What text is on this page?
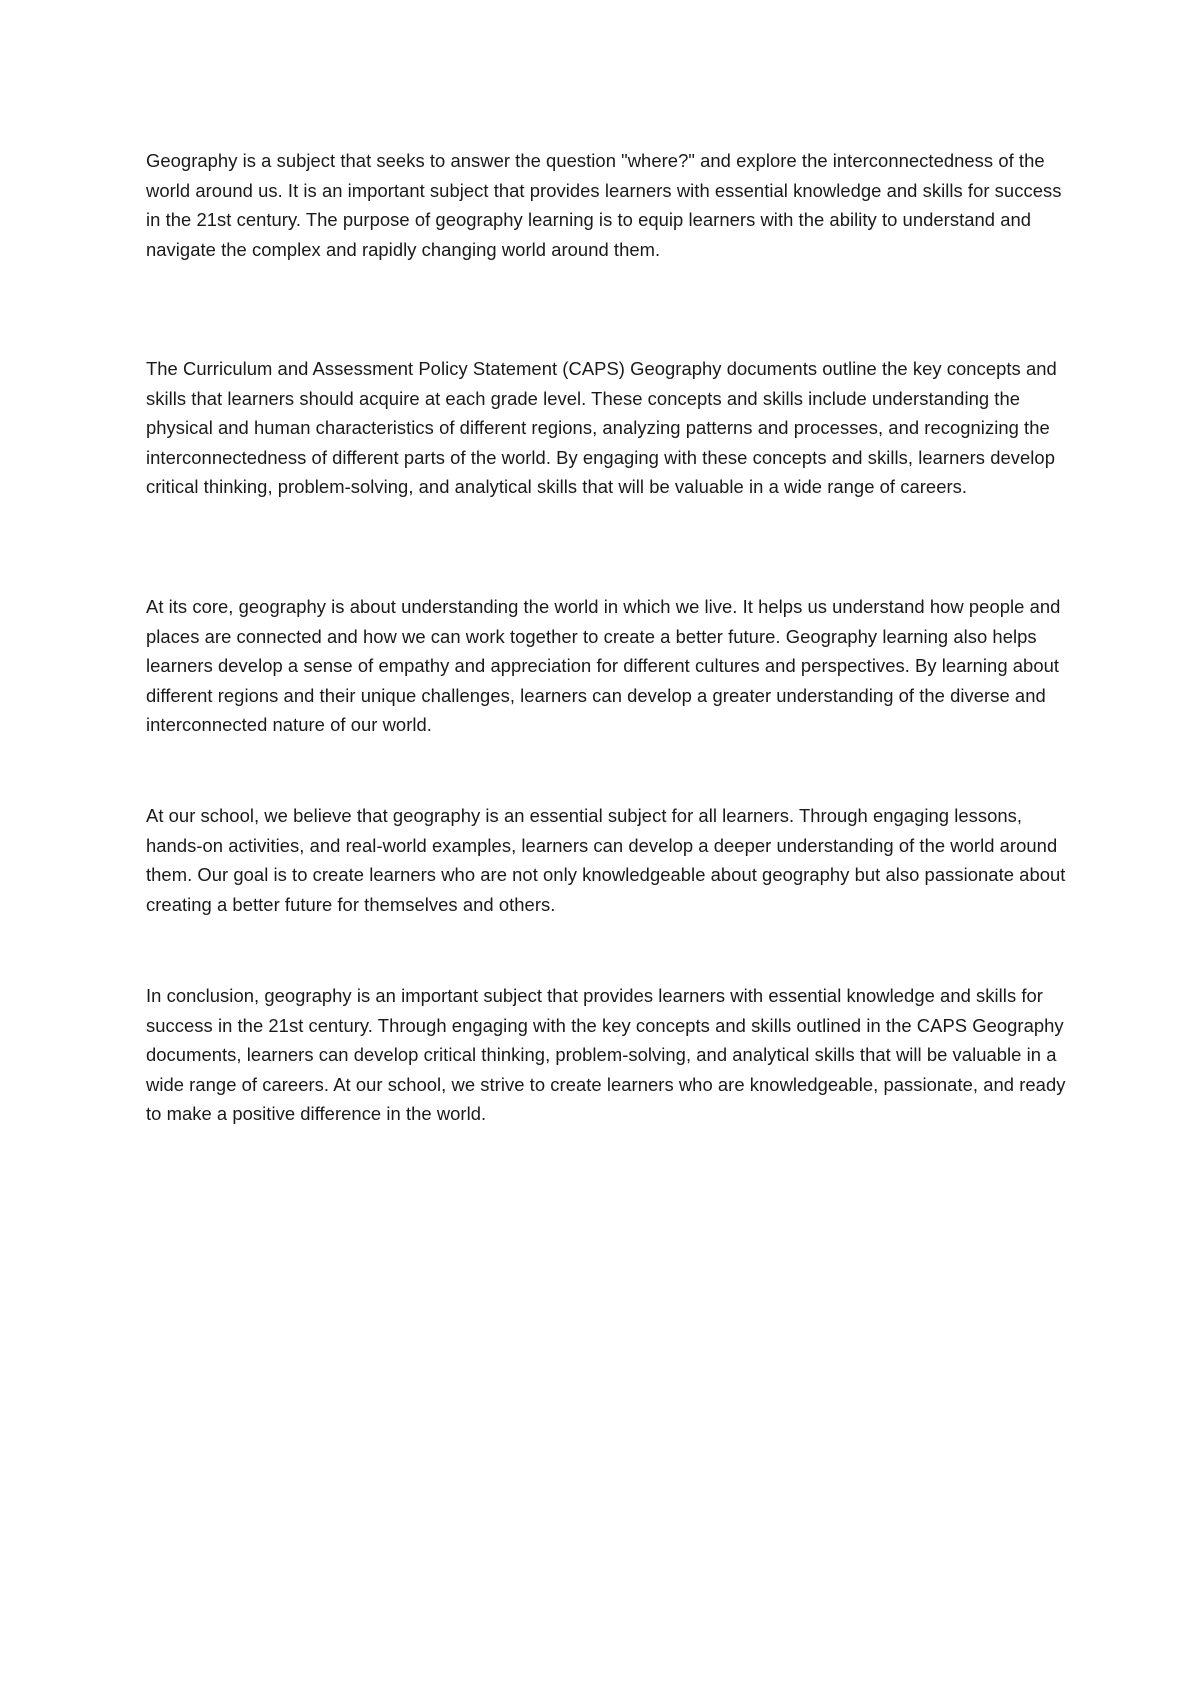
Geography is a subject that seeks to answer the question "where?" and explore the interconnectedness of the world around us. It is an important subject that provides learners with essential knowledge and skills for success in the 21st century. The purpose of geography learning is to equip learners with the ability to understand and navigate the complex and rapidly changing world around them.

The Curriculum and Assessment Policy Statement (CAPS) Geography documents outline the key concepts and skills that learners should acquire at each grade level. These concepts and skills include understanding the physical and human characteristics of different regions, analyzing patterns and processes, and recognizing the interconnectedness of different parts of the world. By engaging with these concepts and skills, learners develop critical thinking, problem-solving, and analytical skills that will be valuable in a wide range of careers.

At its core, geography is about understanding the world in which we live. It helps us understand how people and places are connected and how we can work together to create a better future. Geography learning also helps learners develop a sense of empathy and appreciation for different cultures and perspectives. By learning about different regions and their unique challenges, learners can develop a greater understanding of the diverse and interconnected nature of our world.

At our school, we believe that geography is an essential subject for all learners. Through engaging lessons, hands-on activities, and real-world examples, learners can develop a deeper understanding of the world around them. Our goal is to create learners who are not only knowledgeable about geography but also passionate about creating a better future for themselves and others.

In conclusion, geography is an important subject that provides learners with essential knowledge and skills for success in the 21st century. Through engaging with the key concepts and skills outlined in the CAPS Geography documents, learners can develop critical thinking, problem-solving, and analytical skills that will be valuable in a wide range of careers. At our school, we strive to create learners who are knowledgeable, passionate, and ready to make a positive difference in the world.
